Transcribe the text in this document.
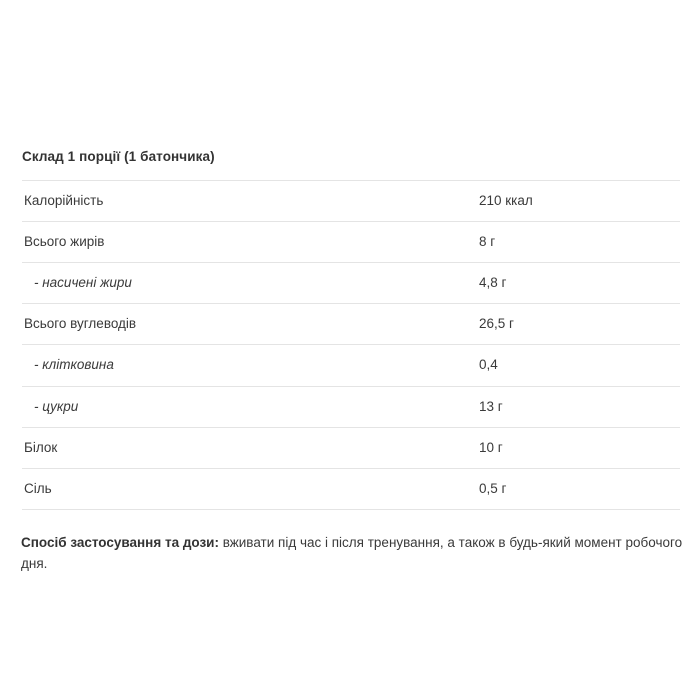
Склад 1 порції (1 батончика)
Калорійність	210 ккал
Всього жирів	8 г
- насичені жири	4,8 г
Всього вуглеводів	26,5 г
- клітковина	0,4
- цукри	13 г
Білок	10 г
Сіль	0,5 г

Спосіб застосування та дози: вживати під час і після тренування, а також в будь-який момент робочого дня.
